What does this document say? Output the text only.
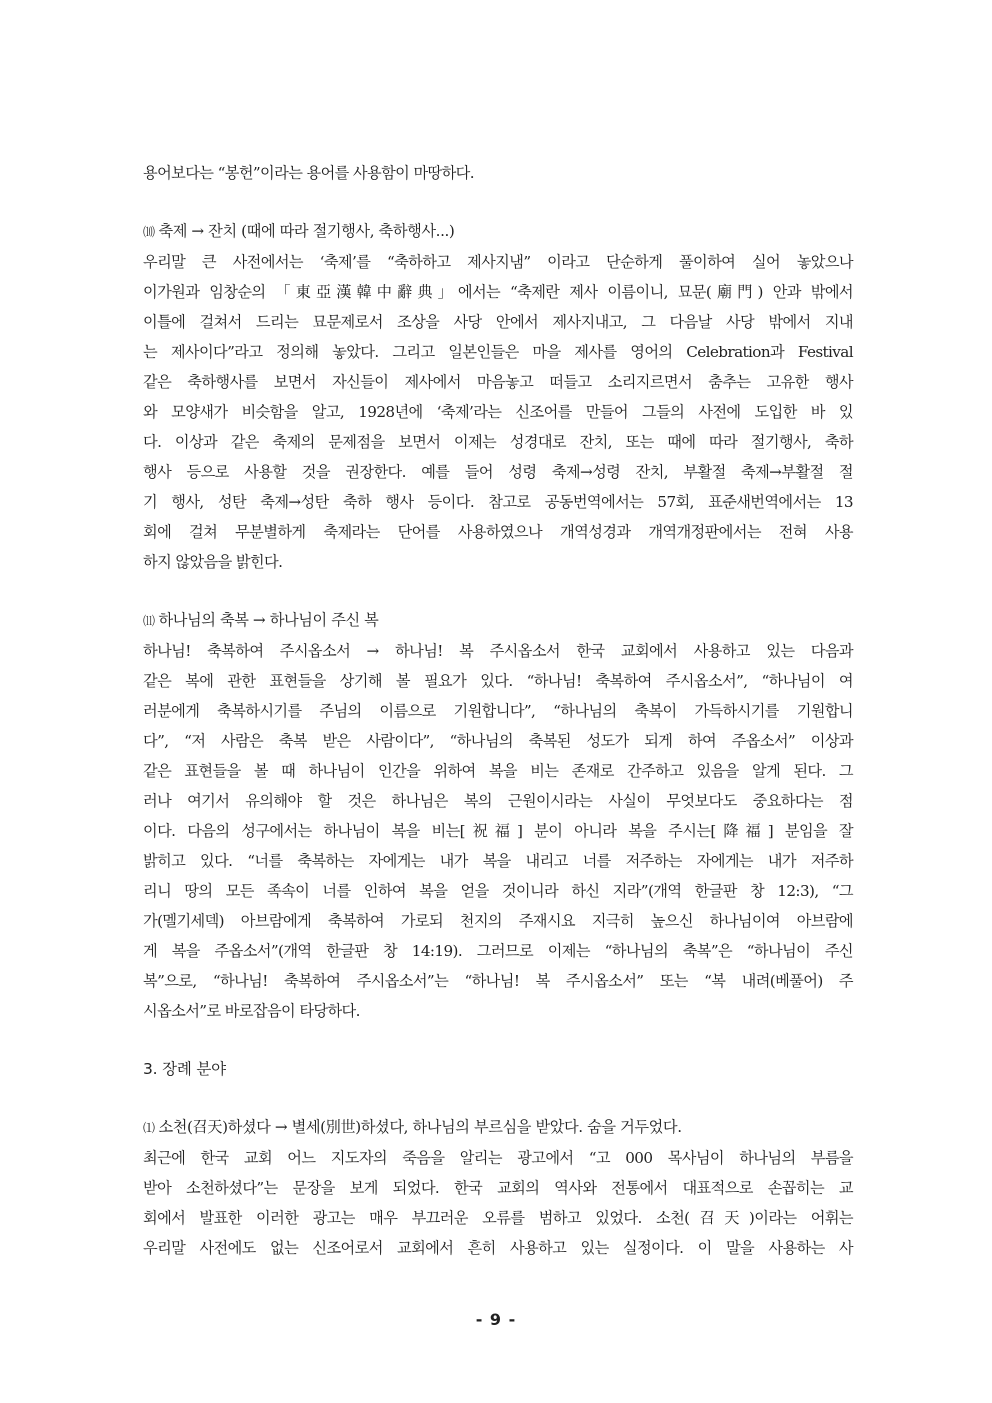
용어보다는 “봉헌”이라는 용어를 사용함이 마땅하다.

⑽ 축제 → 잔치 (때에 따라 절기행사, 축하행사...)

우리말 큰 사전에서는 ‘축제’를 “축하하고 제사지냄” 이라고 단순하게 풀이하여 실어 놓았으나

이가원과 임창순의 「東亞漢韓中辭典」에서는 “축제란 제사 이름이니, 묘문(廟門) 안과 밖에서

이틀에 걸쳐서 드리는 묘문제로서 조상을 사당 안에서 제사지내고, 그 다음날 사당 밖에서 지내

는 제사이다”라고 정의해 놓았다. 그리고 일본인들은 마을 제사를 영어의 Celebration과 Festival

같은 축하행사를 보면서 자신들이 제사에서 마음놓고 떠들고 소리지르면서 춤추는 고유한 행사

와 모양새가 비슷함을 알고, 1928년에 ‘축제’라는 신조어를 만들어 그들의 사전에 도입한 바 있

다. 이상과 같은 축제의 문제점을 보면서 이제는 성경대로 잔치, 또는 때에 따라 절기행사, 축하

행사 등으로 사용할 것을 권장한다. 예를 들어 성령 축제→성령 잔치, 부활절 축제→부활절 절

기 행사, 성탄 축제→성탄 축하 행사 등이다. 참고로 공동번역에서는 57회, 표준새번역에서는 13

회에 걸쳐 무분별하게 축제라는 단어를 사용하였으나 개역성경과 개역개정판에서는 전혀 사용

하지 않았음을 밝힌다.

⑾ 하나님의 축복 → 하나님이 주신 복

하나님! 축복하여 주시옵소서 → 하나님! 복 주시옵소서 한국 교회에서 사용하고 있는 다음과

같은 복에 관한 표현들을 상기해 볼 필요가 있다. “하나님! 축복하여 주시옵소서”, “하나님이 여

러분에게 축복하시기를 주님의 이름으로 기원합니다”, “하나님의 축복이 가득하시기를 기원합니

다”, “저 사람은 축복 받은 사람이다”, “하나님의 축복된 성도가 되게 하여 주옵소서” 이상과

같은 표현들을 볼 때 하나님이 인간을 위하여 복을 비는 존재로 간주하고 있음을 알게 된다. 그

러나 여기서 유의해야 할 것은 하나님은 복의 근원이시라는 사실이 무엇보다도 중요하다는 점

이다. 다음의 성구에서는 하나님이 복을 비는[祝福] 분이 아니라 복을 주시는[降福] 분임을 잘

밝히고 있다. “너를 축복하는 자에게는 내가 복을 내리고 너를 저주하는 자에게는 내가 저주하

리니 땅의 모든 족속이 너를 인하여 복을 얻을 것이니라 하신 지라”(개역 한글판 창 12:3), “그

가(멜기세덱) 아브람에게 축복하여 가로되 천지의 주재시요 지극히 높으신 하나님이여 아브람에

게 복을 주옵소서”(개역 한글판 창 14:19). 그러므로 이제는 “하나님의 축복”은 “하나님이 주신

복”으로, “하나님! 축복하여 주시옵소서”는 “하나님! 복 주시옵소서” 또는 “복 내려(베풀어) 주

시옵소서”로 바로잡음이 타당하다.

3. 장례 분야

⑴ 소천(召天)하셨다 → 별세(別世)하셨다, 하나님의 부르심을 받았다. 숨을 거두었다.

최근에 한국 교회 어느 지도자의 죽음을 알리는 광고에서 “고 000 목사님이 하나님의 부름을

받아 소천하셨다”는 문장을 보게 되었다. 한국 교회의 역사와 전통에서 대표적으로 손꼽히는 교

회에서 발표한 이러한 광고는 매우 부끄러운 오류를 범하고 있었다. 소천(召天)이라는 어휘는

우리말 사전에도 없는 신조어로서 교회에서 흔히 사용하고 있는 실정이다. 이 말을 사용하는 사

- 9 -
